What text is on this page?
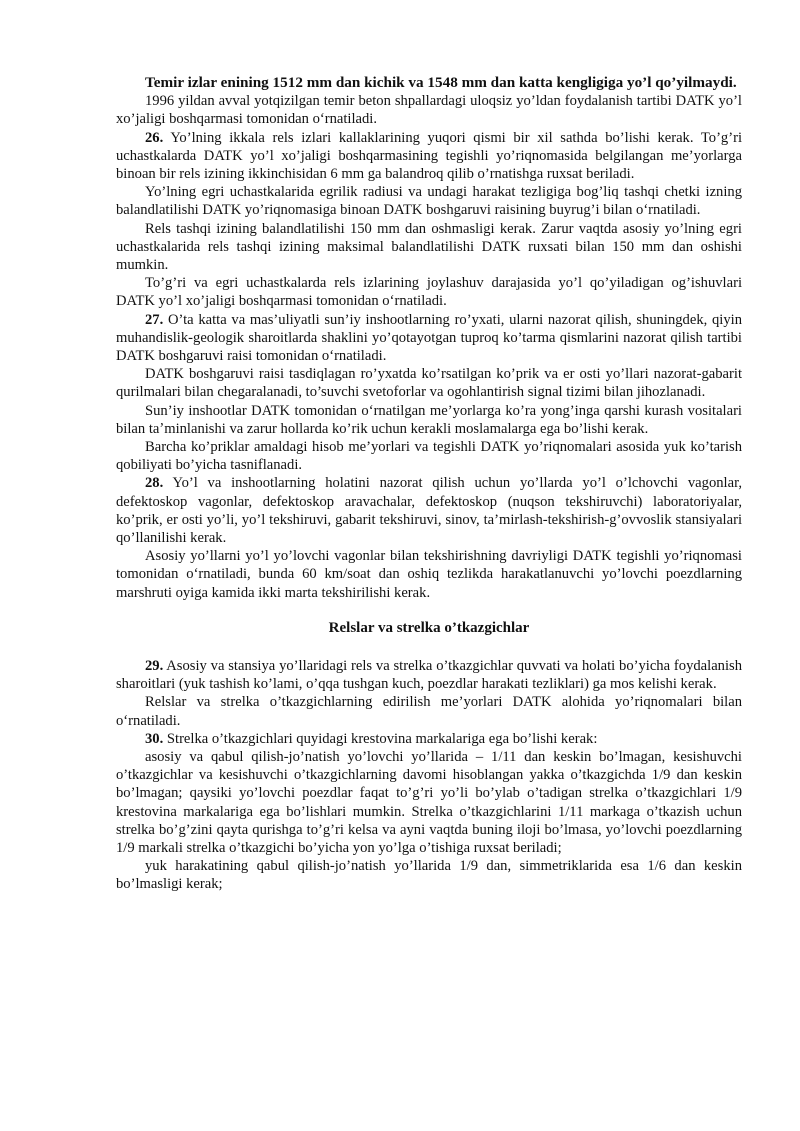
Temir izlar enining 1512 mm dan kichik va 1548 mm dan katta kengligiga yo’l qo’yilmaydi.

1996 yildan avval yotqizilgan temir beton shpallardagi uloqsiz yo’ldan foydalanish tartibi DATK yo’l xo’jaligi boshqarmasi tomonidan oʻrnatiladi.

26. Yo’lning ikkala rels izlari kallaklarining yuqori qismi bir xil sathda bo’lishi kerak. To’g’ri uchastkalarda DATK yo’l xo’jaligi boshqarmasining tegishli yo’riqnomasida belgilangan me’yorlarga binoan bir rels izining ikkinchisidan 6 mm ga balandroq qilib o’rnatishga ruxsat beriladi.

Yo’lning egri uchastkalarida egrilik radiusi va undagi harakat tezligiga bog’liq tashqi chetki izning balandlatilishi DATK yo’riqnomasiga binoan DATK boshgaruvi raisining buyrug’i bilan oʻrnatiladi.

Rels tashqi izining balandlatilishi 150 mm dan oshmasligi kerak. Zarur vaqtda asosiy yo’lning egri uchastkalarida rels tashqi izining maksimal balandlatilishi DATK ruxsati bilan 150 mm dan oshishi mumkin.

To’g’ri va egri uchastkalarda rels izlarining joylashuv darajasida yo’l qo’yiladigan og’ishuvlari DATK yo’l xo’jaligi boshqarmasi tomonidan oʻrnatiladi.

27. O’ta katta va mas’uliyatli sun’iy inshootlarning ro’yxati, ularni nazorat qilish, shuningdek, qiyin muhandislik-geologik sharoitlarda shaklini yo’qotayotgan tuproq ko’tarma qismlarini nazorat qilish tartibi DATK boshgaruvi raisi tomonidan oʻrnatiladi.

DATK boshgaruvi raisi tasdiqlagan ro’yxatda ko’rsatilgan ko’prik va er osti yo’llari nazorat-gabarit qurilmalari bilan chegaralanadi, to’suvchi svetoforlar va ogohlantirish signal tizimi bilan jihozlanadi.

Sun’iy inshootlar DATK tomonidan oʻrnatilgan me’yorlarga ko’ra yong’inga qarshi kurash vositalari bilan taʼminlanishi va zarur hollarda ko’rik uchun kerakli moslamalarga ega bo’lishi kerak.

Barcha ko’priklar amaldagi hisob me’yorlari va tegishli DATK yo’riqnomalari asosida yuk ko’tarish qobiliyati bo’yicha tasniflanadi.

28. Yo’l va inshootlarning holatini nazorat qilish uchun yo’llarda yo’l o’lchovchi vagonlar, defektoskop vagonlar, defektoskop aravachalar, defektoskop (nuqson tekshiruvchi) laboratoriyalar, ko’prik, er osti yo’li, yo’l tekshiruvi, gabarit tekshiruvi, sinov, ta’mirlash-tekshirish-g’ovvoslik stansiyalari qo’llanilishi kerak.

Asosiy yo’llarni yo’l yo’lovchi vagonlar bilan tekshirishning davriyligi DATK tegishli yo’riqnomasi tomonidan oʻrnatiladi, bunda 60 km/soat dan oshiq tezlikda harakatlanuvchi yo’lovchi poezdlarning marshruti oyiga kamida ikki marta tekshirilishi kerak.

Relslar va strelka o’tkazgichlar

29. Asosiy va stansiya yo’llaridagi rels va strelka o’tkazgichlar quvvati va holati bo’yicha foydalanish sharoitlari (yuk tashish ko’lami, o’qqa tushgan kuch, poezdlar harakati tezliklari) ga mos kelishi kerak.

Relslar va strelka o’tkazgichlarning edirilish me’yorlari DATK alohida yo’riqnomalari bilan oʻrnatiladi.

30. Strelka o’tkazgichlari quyidagi krestovina markalariga ega bo’lishi kerak:

asosiy va qabul qilish-jo’natish yo’lovchi yo’llarida – 1/11 dan keskin bo’lmagan, kesishuvchi o’tkazgichlar va kesishuvchi o’tkazgichlarning davomi hisoblangan yakka o’tkazgichda 1/9 dan keskin bo’lmagan; qaysiki yo’lovchi poezdlar faqat to’g’ri yo’li bo’ylab o’tadigan strelka o’tkazgichlari 1/9 krestovina markalariga ega bo’lishlari mumkin. Strelka o’tkazgichlarini 1/11 markaga o’tkazish uchun strelka bo’g’zini qayta qurishga to’g’ri kelsa va ayni vaqtda buning iloji bo’lmasa, yo’lovchi poezdlarning 1/9 markali strelka o’tkazgichi bo’yicha yon yo’lga o’tishiga ruxsat beriladi;

yuk harakatining qabul qilish-jo’natish yo’llarida 1/9 dan, simmetriklarida esa 1/6 dan keskin bo’lmasligi kerak;
